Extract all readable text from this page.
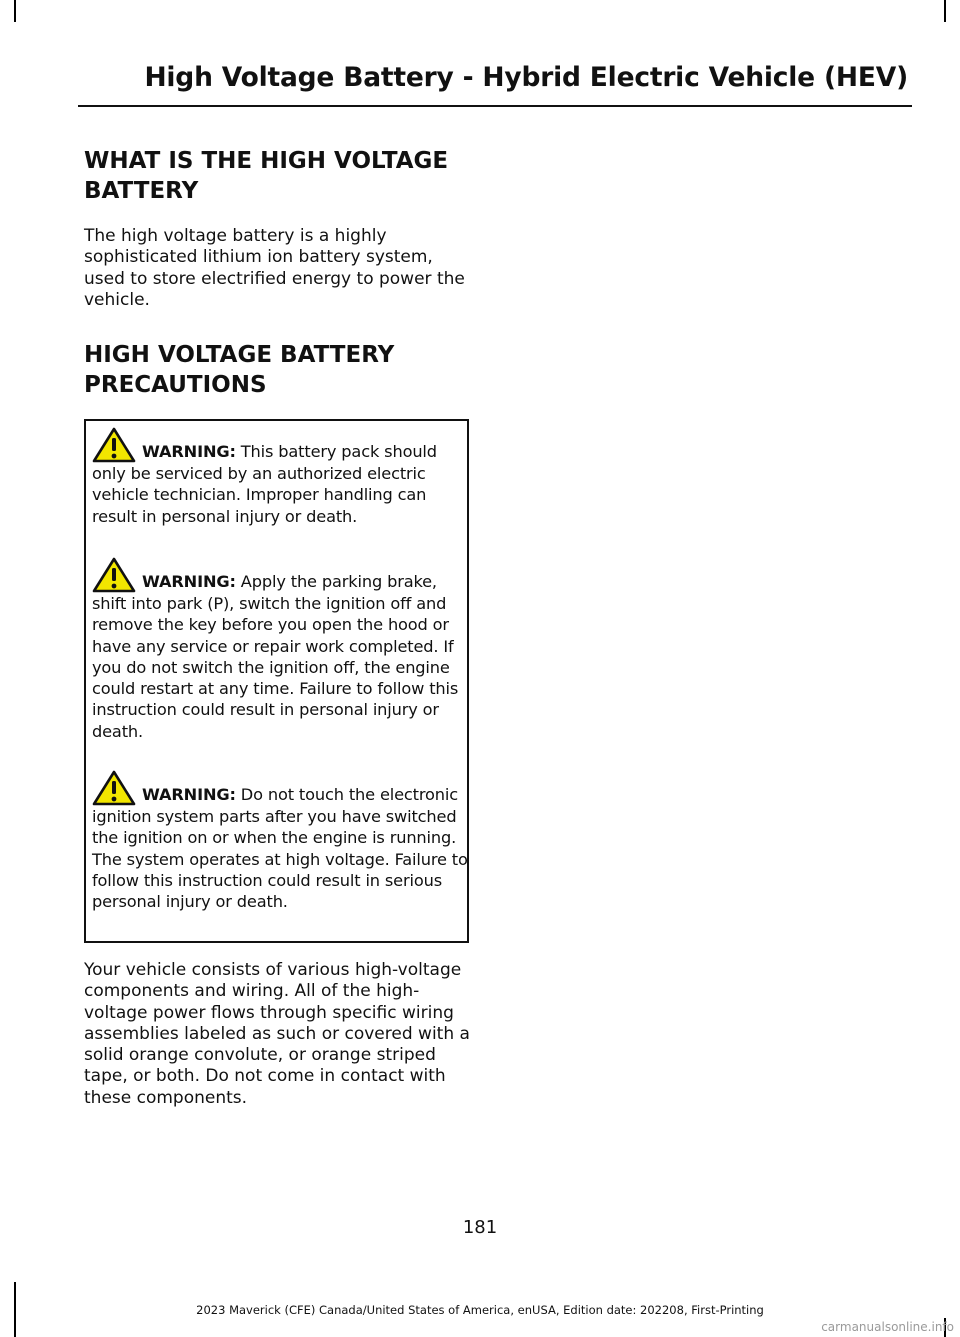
High Voltage Battery - Hybrid Electric Vehicle (HEV)
WHAT IS THE HIGH VOLTAGE
BATTERY

The high voltage battery is a highly sophisticated lithium ion battery system, used to store electrified energy to power the vehicle.

HIGH VOLTAGE BATTERY
PRECAUTIONS

WARNING: This battery pack should only be serviced by an authorized electric vehicle technician. Improper handling can result in personal injury or death.

WARNING: Apply the parking brake, shift into park (P), switch the ignition off and remove the key before you open the hood or have any service or repair work completed. If you do not switch the ignition off, the engine could restart at any time. Failure to follow this instruction could result in personal injury or death.

WARNING: Do not touch the electronic ignition system parts after you have switched the ignition on or when the engine is running. The system operates at high voltage. Failure to follow this instruction could result in serious personal injury or death.

Your vehicle consists of various high-voltage components and wiring. All of the high-voltage power flows through specific wiring assemblies labeled as such or covered with a solid orange convolute, or orange striped tape, or both. Do not come in contact with these components.

181
2023 Maverick (CFE) Canada/United States of America, enUSA, Edition date: 202208, First-Printing
carmanualsonline.info
